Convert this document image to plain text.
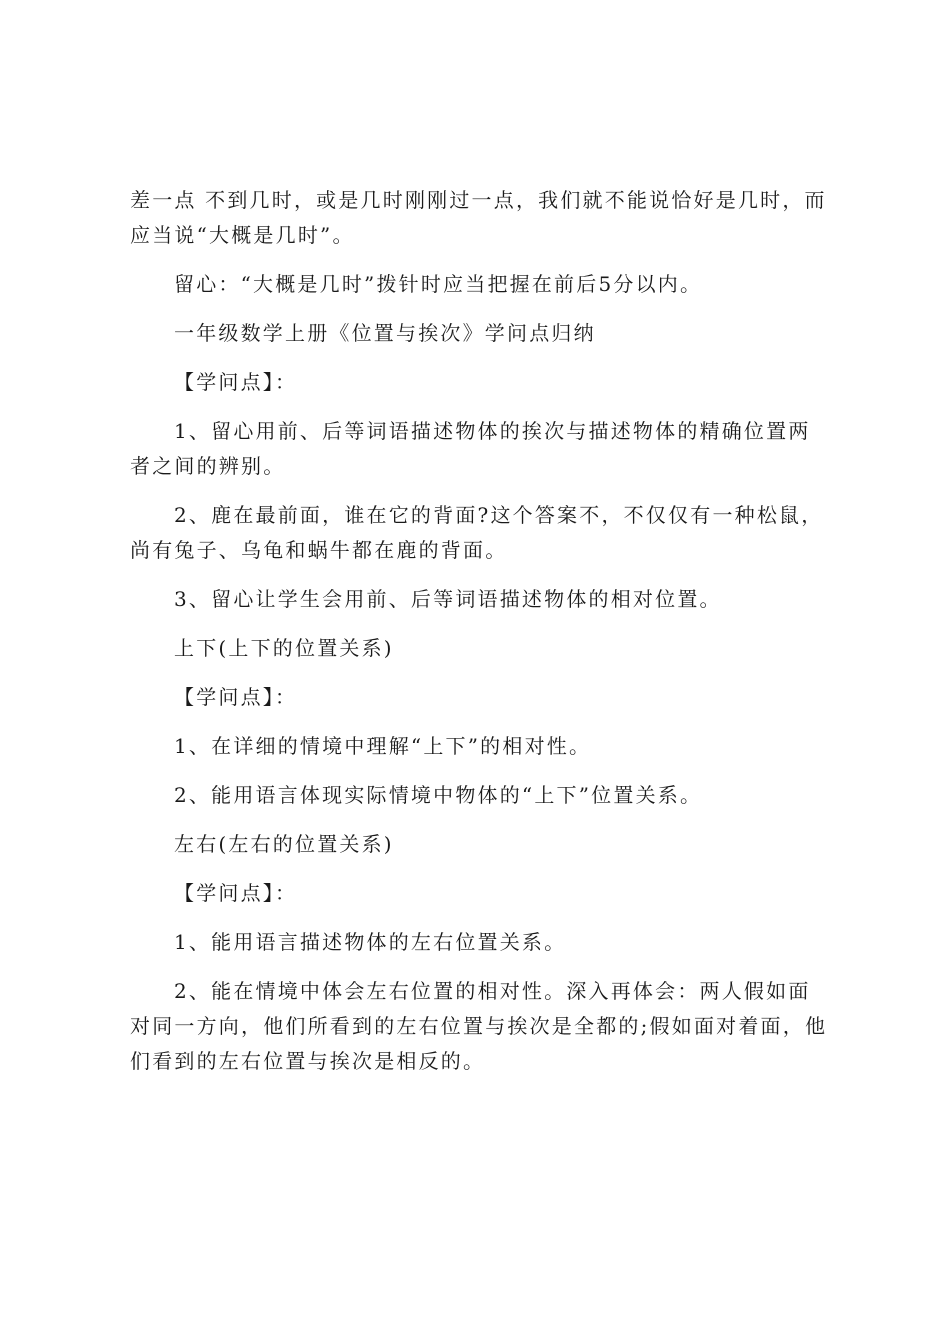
差一点 不到几时，或是几时刚刚过一点，我们就不能说恰好是几时，而应当说“大概是几时”。

留心：“大概是几时”拨针时应当把握在前后5分以内。

一年级数学上册《位置与挨次》学问点归纳

【学问点】：

1、留心用前、后等词语描述物体的挨次与描述物体的精确位置两者之间的辨别。

2、鹿在最前面，谁在它的背面?这个答案不，不仅仅有一种松鼠，尚有兔子、乌龟和蜗牛都在鹿的背面。

3、留心让学生会用前、后等词语描述物体的相对位置。

上下(上下的位置关系)

【学问点】：

1、在详细的情境中理解“上下”的相对性。

2、能用语言体现实际情境中物体的“上下”位置关系。

左右(左右的位置关系)

【学问点】：

1、能用语言描述物体的左右位置关系。

2、能在情境中体会左右位置的相对性。深入再体会：两人假如面对同一方向，他们所看到的左右位置与挨次是全都的;假如面对着面，他们看到的左右位置与挨次是相反的。
